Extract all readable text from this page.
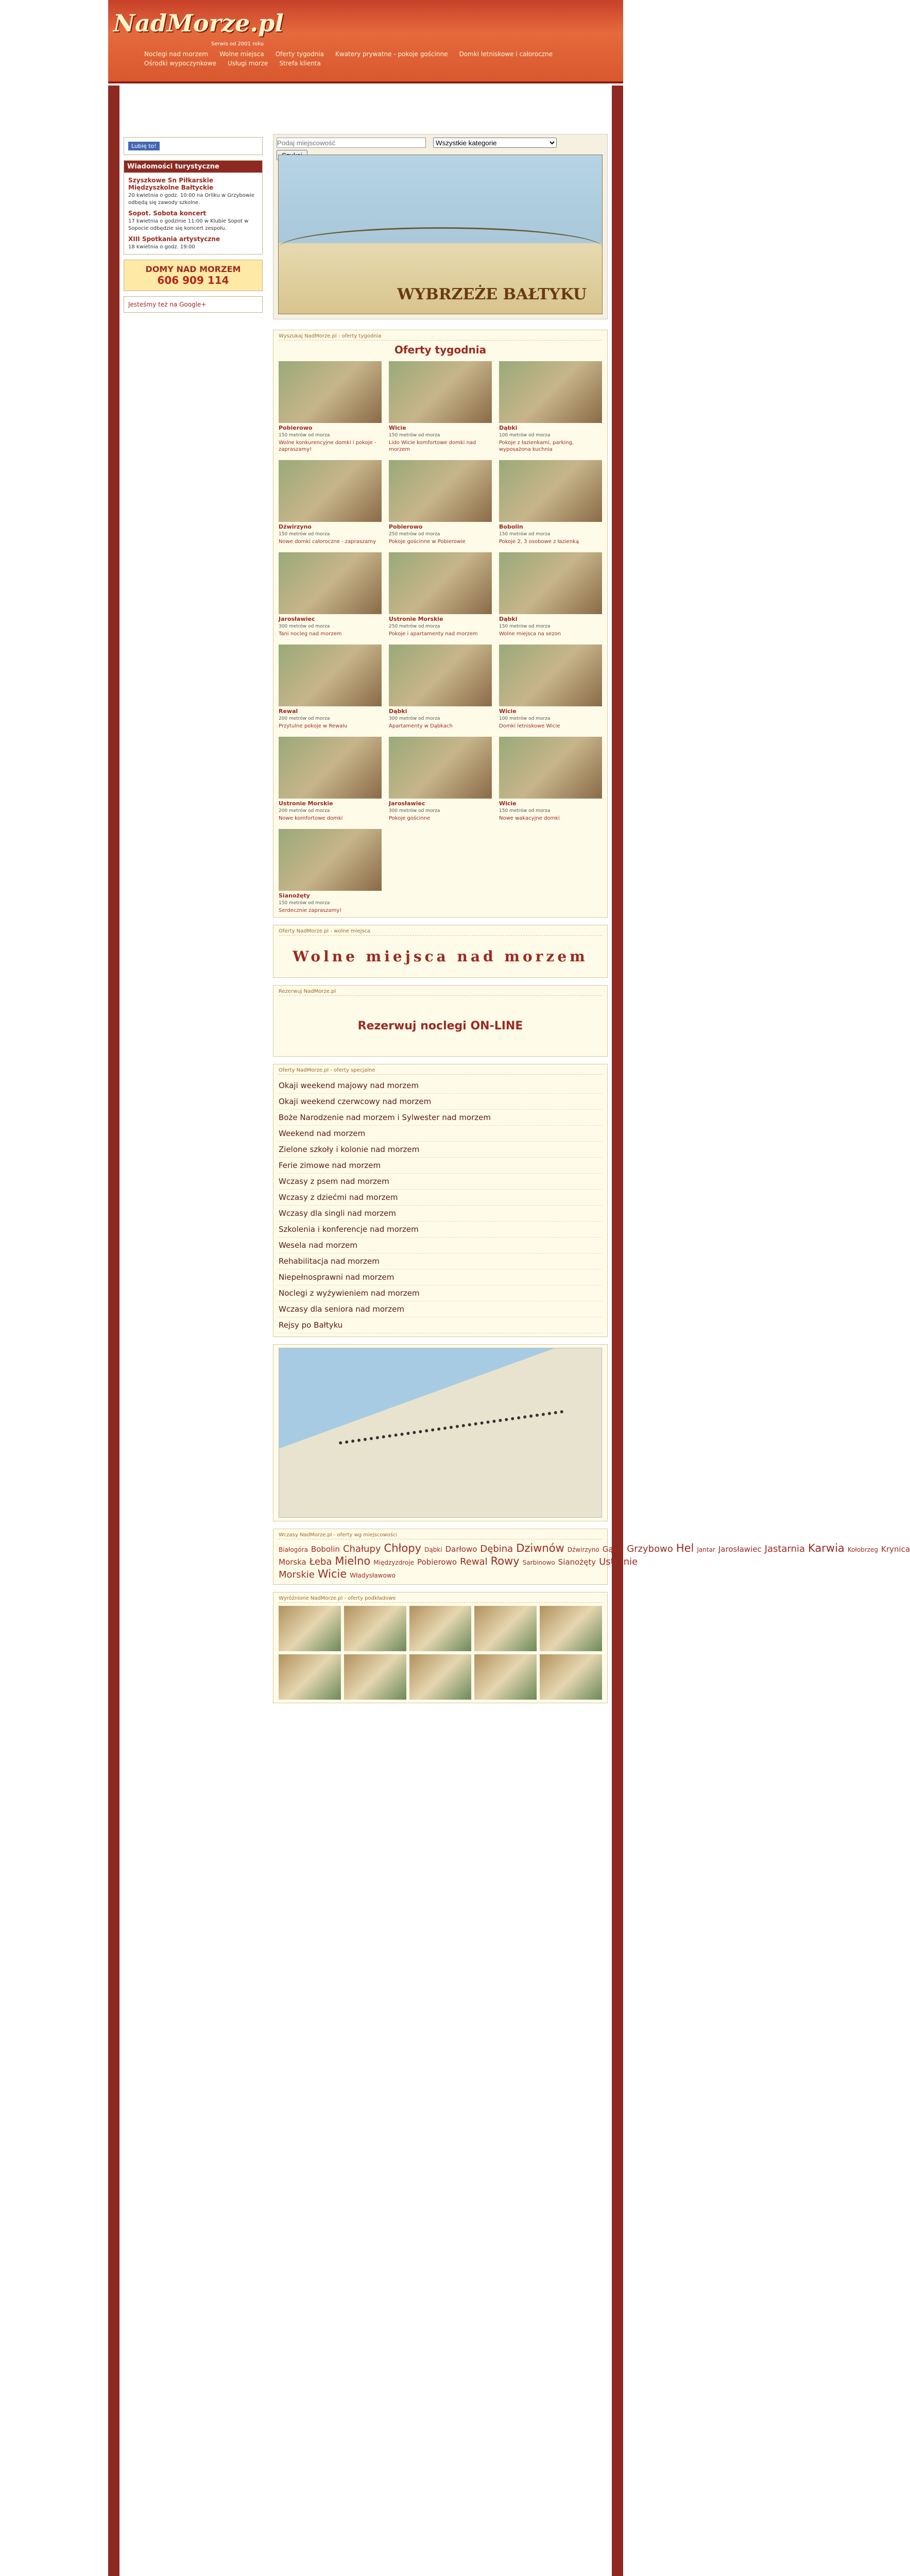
NadMorze.pl
Serwis od 2001 roku
Noclegi nad morzem Wolne miejsca Oferty tygodnia Kwatery prywatne - pokoje gościnne Domki letniskowe i całoroczne
Ośrodki wypoczynkowe Usługi morze Strefa klienta
Lubię to!
Wiadomości turystyczne
Szyszkowe Sn Piłkarskie Międzyszkolne Bałtyckie
20 kwietnia o godz. 10:00 na Orliku w Grzybowie odbędą się zawody szkolne.
Sopot. Sobota koncert
17 kwietnia o godzinie 11:00 w Klubie Sopot w Sopocie odbędzie się koncert zespołu.
XIII Spotkania artystyczne
18 kwietnia o godz. 19:00
DOMY NAD MORZEM
606 909 114
Jesteśmy też na Google+
Podaj miejscowość
Wszystkie kategorie
WYBRZEŻE BAŁTYKU
Wyszukaj NadMorze.pl - oferty tygodnia
Oferty tygodnia
Pobierowo
150 metrów od morza
Wolne konkurencyjne domki i pokoje - zapraszamy!
Wicie
150 metrów od morza
Lido Wicie komfortowe domki nad morzem
Dąbki
100 metrów od morza
Pokoje z łazienkami, parking, wyposażona kuchnia
Dźwirzyno
150 metrów od morza
Nowe domki całoroczne - zapraszamy
Pobierowo
250 metrów od morza
Pokoje gościnne w Pobierowie
Bobolin
150 metrów od morza
Pokoje 2, 3 osobowe z łazienką
Jarosławiec
300 metrów od morza
Tani nocleg nad morzem
Ustronie Morskie
250 metrów od morza
Pokoje i apartamenty nad morzem
Dąbki
150 metrów od morza
Wolne miejsca na sezon
Rewal
200 metrów od morza
Przytulne pokoje w Rewalu
Dąbki
300 metrów od morza
Apartamenty w Dąbkach
Wicie
100 metrów od morza
Domki letniskowe Wicie
Ustronie Morskie
200 metrów od morza
Nowe komfortowe domki
Jarosławiec
300 metrów od morza
Pokoje gościnne
Wicie
150 metrów od morza
Nowe wakacyjne domki
Sianożęty
150 metrów od morza
Serdecznie zapraszamy!
Oferty NadMorze.pl - wolne miejsca
Wolne miejsca nad morzem
Rezerwuj NadMorze.pl
Rezerwuj noclegi ON-LINE
Oferty NadMorze.pl - oferty specjalne
Okaji weekend majowy nad morzem
Okaji weekend czerwcowy nad morzem
Boże Narodzenie nad morzem i Sylwester nad morzem
Weekend nad morzem
Zielone szkoły i kolonie nad morzem
Ferie zimowe nad morzem
Wczasy z psem nad morzem
Wczasy z dziećmi nad morzem
Wczasy dla singli nad morzem
Szkolenia i konferencje nad morzem
Wesela nad morzem
Rehabilitacja nad morzem
Niepełnosprawni nad morzem
Noclegi z wyżywieniem nad morzem
Wczasy dla seniora nad morzem
Rejsy po Bałtyku
Wczasy NadMorze.pl - oferty wg miejscowości
Białogóra Bobolin Chałupy Chłopy Dąbki Darłowo Dębina Dziwnów Dźwirzyno Gąski Grzybowo Hel Jantar Jarosławiec Jastarnia Karwia Kołobrzeg Krynica Morska Łeba Mielno Międzyzdroje Pobierowo Rewal Rowy Sarbinowo Sianożęty Ustronie Morskie Wicie Władysławowo
Wyróżnione NadMorze.pl - oferty podkładowe
